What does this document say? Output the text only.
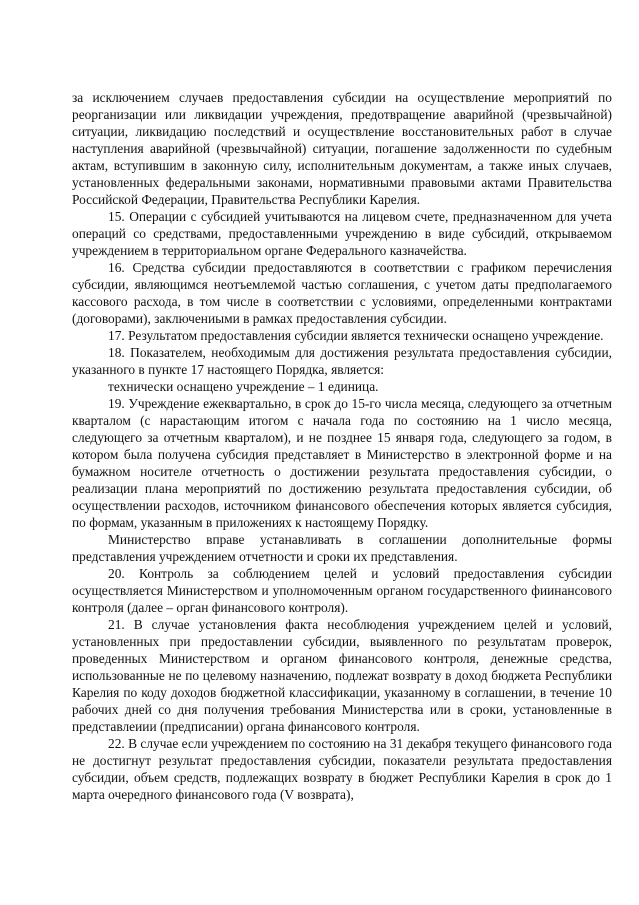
за исключением случаев предоставления субсидии на осуществление мероприятий по реорганизации или ликвидации учреждения, предотвращение аварийной (чрезвычайной) ситуации, ликвидацию последствий и осуществление восстановительных работ в случае наступления аварийной (чрезвычайной) ситуации, погашение задолженности по судебным актам, вступившим в законную силу, исполнительным документам, а также иных случаев, установленных федеральными законами, нормативными правовыми актами Правительства Российской Федерации, Правительства Республики Карелия.

15. Операции с субсидией учитываются на лицевом счете, предназначенном для учета операций со средствами, предоставленными учреждению в виде субсидий, открываемом учреждением в территориальном органе Федерального казначейства.

16. Средства субсидии предоставляются в соответствии с графиком перечисления субсидии, являющимся неотъемлемой частью соглашения, с учетом даты предполагаемого кассового расхода, в том числе в соответствии с условиями, определенными контрактами (договорами), заключениыми в рамках предоставления субсидии.

17. Результатом предоставления субсидии является технически оснащено учреждение.

18. Показателем, необходимым для достижения результата предоставления субсидии, указанного в пункте 17 настоящего Порядка, является:

технически оснащено учреждение – 1 единица.

19. Учреждение ежеквартально, в срок до 15-го числа месяца, следующего за отчетным кварталом (с нарастающим итогом с начала года по состоянию на 1 число месяца, следующего за отчетным кварталом), и не позднее 15 января года, следующего за годом, в котором была получена субсидия представляет в Министерство в электронной форме и на бумажном носителе отчетность о достижении результата предоставления субсидии, о реализации плана мероприятий по достижению результата предоставления субсидии, об осуществлении расходов, источником финансового обеспечения которых является субсидия, по формам, указанным в приложениях к настоящему Порядку.

Министерство вправе устанавливать в соглашении дополнительные формы представления учреждением отчетности и сроки их представления.

20. Контроль за соблюдением целей и условий предоставления субсидии осуществляется Министерством и уполномоченным органом государственного фиинансового контроля (далее – орган финансового контроля).

21. В случае установления факта несоблюдения учреждением целей и условий, установленных при предоставлении субсидии, выявленного по результатам проверок, проведенных Министерством и органом финансового контроля, денежные средства, использованные не по целевому назначению, подлежат возврату в доход бюджета Республики Карелия по коду доходов бюджетной классификации, указанному в соглашении, в течение 10 рабочих дней со дня получения требования Министерства или в сроки, установленные в представлеиии (предписании) органа финансового контроля.

22. В случае если учреждением по состоянию на 31 декабря текущего финансового года не достигнут результат предоставления субсидии, показатели результата предоставления субсидии, объем средств, подлежащих возврату в бюджет Республики Карелия в срок до 1 марта очередного финансового года (V возврата),
